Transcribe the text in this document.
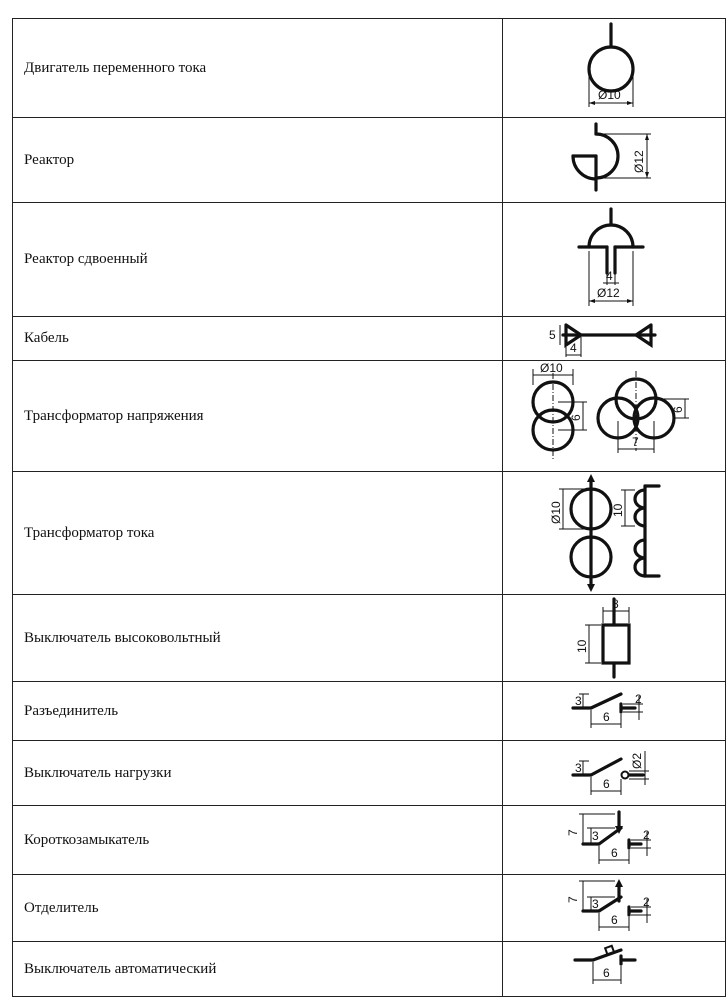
Двигатель переменного тока	Ø10

Реактор	Ø12

Реактор сдвоенный	4
Ø12

Кабель	5
4

Трансформатор напряжения	Ø10
6
6
7

Трансформатор тока	Ø10 10

Выключатель высоковольтный	8
10

Разъединитель	3 2
6

Выключатель нагрузки	3 Ø2
6

Короткозамыкатель	7 3 2
6

Отделитель	7 3 2
6

Выключатель автоматический	6
